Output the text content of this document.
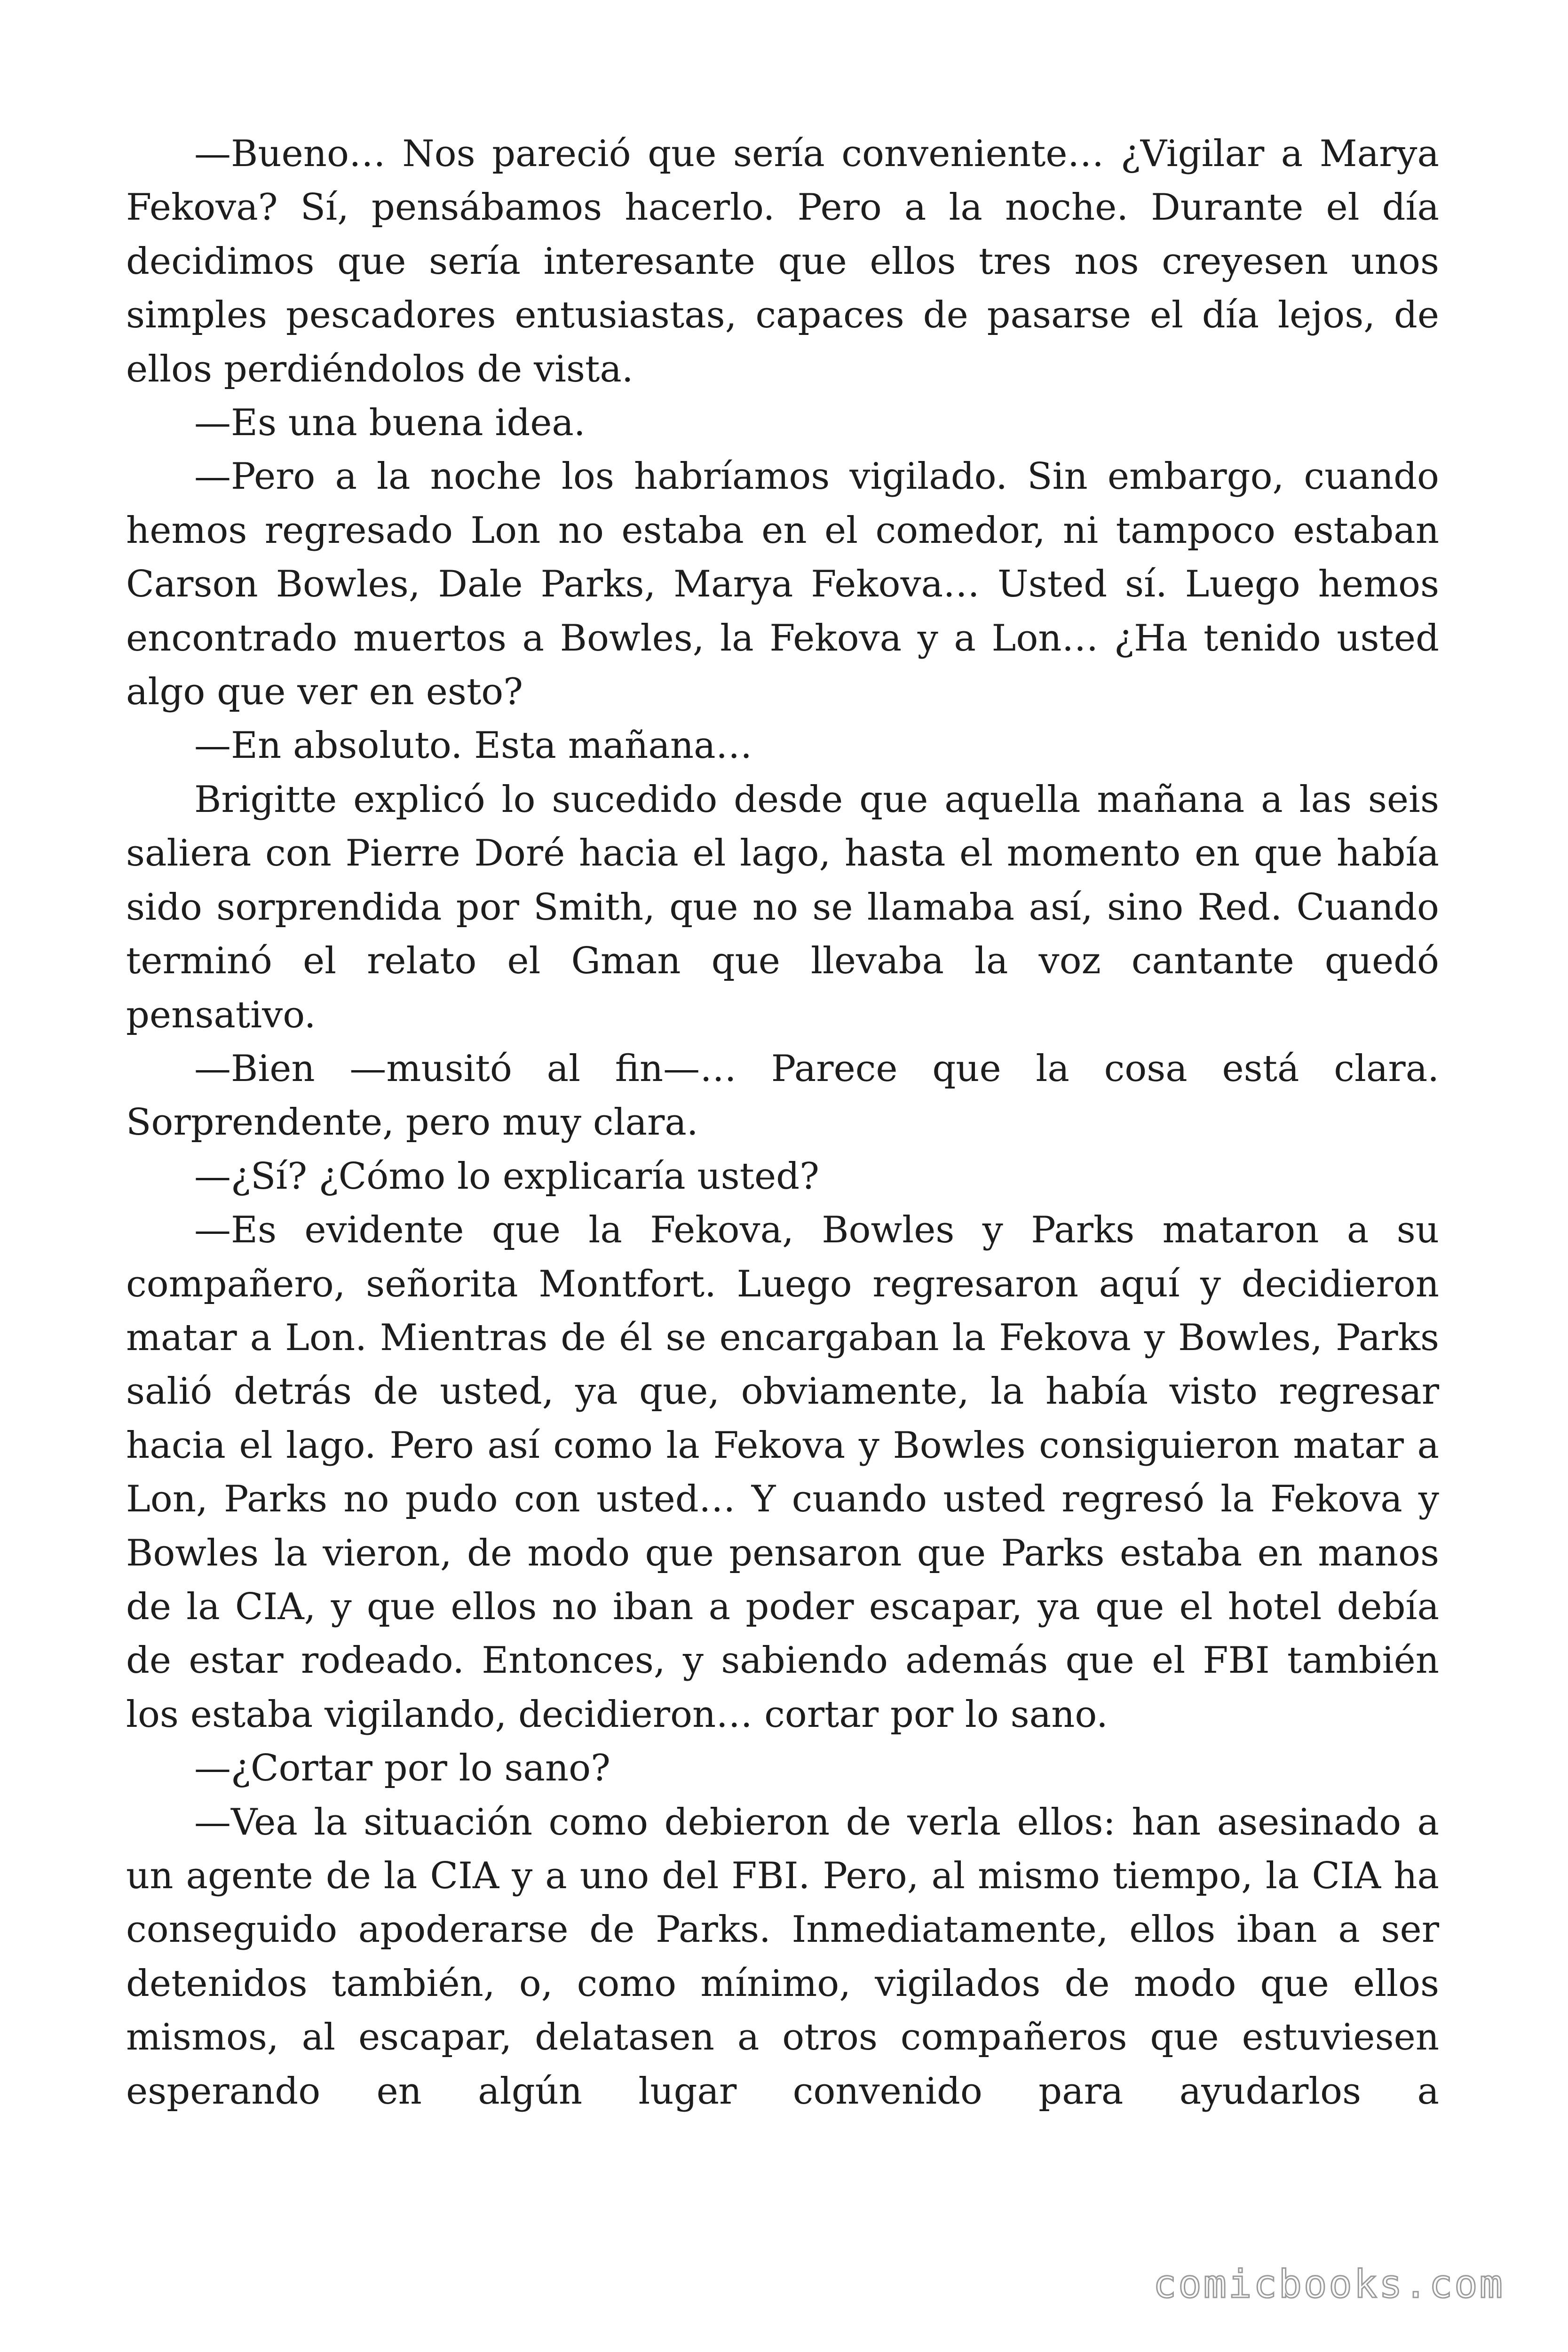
—Bueno… Nos pareció que sería conveniente… ¿Vigilar a Marya Fekova? Sí, pensábamos hacerlo. Pero a la noche. Durante el día decidimos que sería interesante que ellos tres nos creyesen unos simples pescadores entusiastas, capaces de pasarse el día lejos, de ellos perdiéndolos de vista.

—Es una buena idea.

—Pero a la noche los habríamos vigilado. Sin embargo, cuando hemos regresado Lon no estaba en el comedor, ni tampoco estaban Carson Bowles, Dale Parks, Marya Fekova… Usted sí. Luego hemos encontrado muertos a Bowles, la Fekova y a Lon… ¿Ha tenido usted algo que ver en esto?

—En absoluto. Esta mañana…

Brigitte explicó lo sucedido desde que aquella mañana a las seis saliera con Pierre Doré hacia el lago, hasta el momento en que había sido sorprendida por Smith, que no se llamaba así, sino Red. Cuando terminó el relato el Gman que llevaba la voz cantante quedó pensativo.

—Bien —musitó al fin—… Parece que la cosa está clara. Sorprendente, pero muy clara.

—¿Sí? ¿Cómo lo explicaría usted?

—Es evidente que la Fekova, Bowles y Parks mataron a su compañero, señorita Montfort. Luego regresaron aquí y decidieron matar a Lon. Mientras de él se encargaban la Fekova y Bowles, Parks salió detrás de usted, ya que, obviamente, la había visto regresar hacia el lago. Pero así como la Fekova y Bowles consiguieron matar a Lon, Parks no pudo con usted… Y cuando usted regresó la Fekova y Bowles la vieron, de modo que pensaron que Parks estaba en manos de la CIA, y que ellos no iban a poder escapar, ya que el hotel debía de estar rodeado. Entonces, y sabiendo además que el FBI también los estaba vigilando, decidieron… cortar por lo sano.

—¿Cortar por lo sano?

—Vea la situación como debieron de verla ellos: han asesinado a un agente de la CIA y a uno del FBI. Pero, al mismo tiempo, la CIA ha conseguido apoderarse de Parks. Inmediatamente, ellos iban a ser detenidos también, o, como mínimo, vigilados de modo que ellos mismos, al escapar, delatasen a otros compañeros que estuviesen esperando en algún lugar convenido para ayudarlos a

comicbooks.com
